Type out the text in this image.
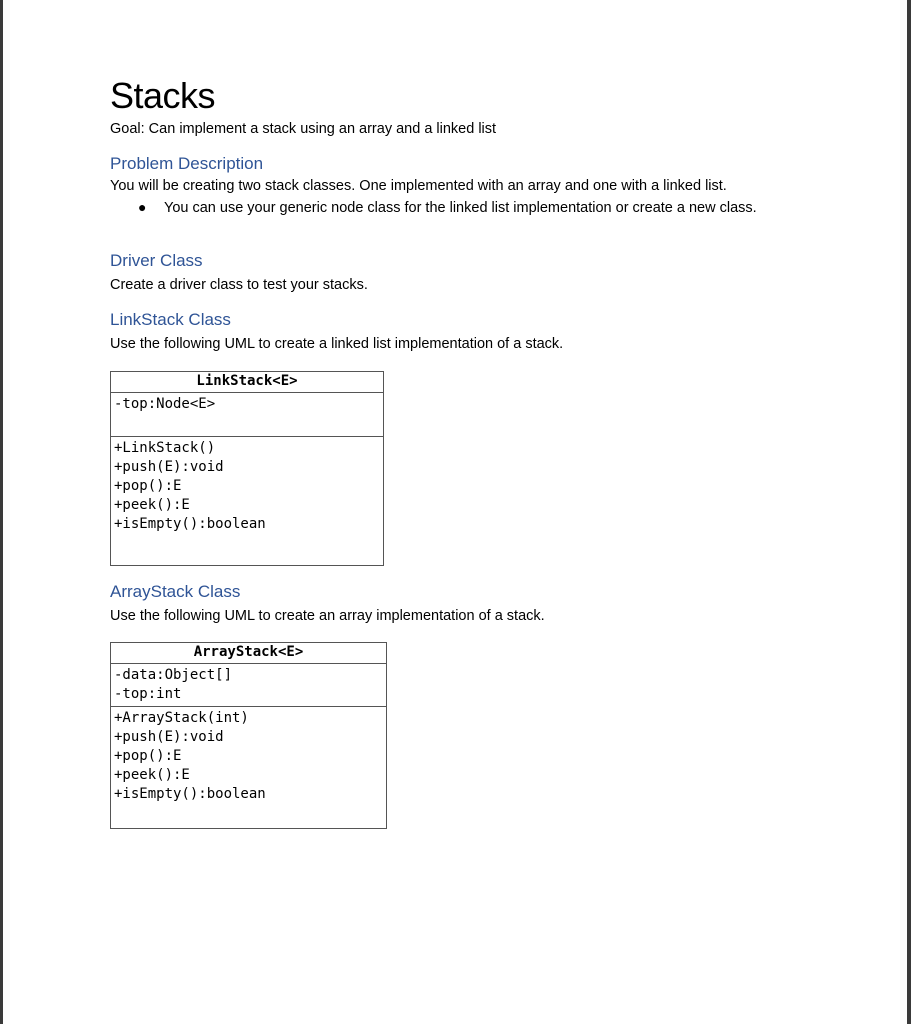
Stacks

Goal: Can implement a stack using an array and a linked list

Problem Description

You will be creating two stack classes. One implemented with an array and one with a linked list.

● You can use your generic node class for the linked list implementation or create a new class.
Driver Class

Create a driver class to test your stacks.

LinkStack Class

Use the following UML to create a linked list implementation of a stack.

LinkStack<E>
-top:Node<E>
+LinkStack()
+push(E):void
+pop():E
+peek():E
+isEmpty():boolean
ArrayStack Class

Use the following UML to create an array implementation of a stack.

ArrayStack<E>
-data:Object[]
-top:int
+ArrayStack(int)
+push(E):void
+pop():E
+peek():E
+isEmpty():boolean
